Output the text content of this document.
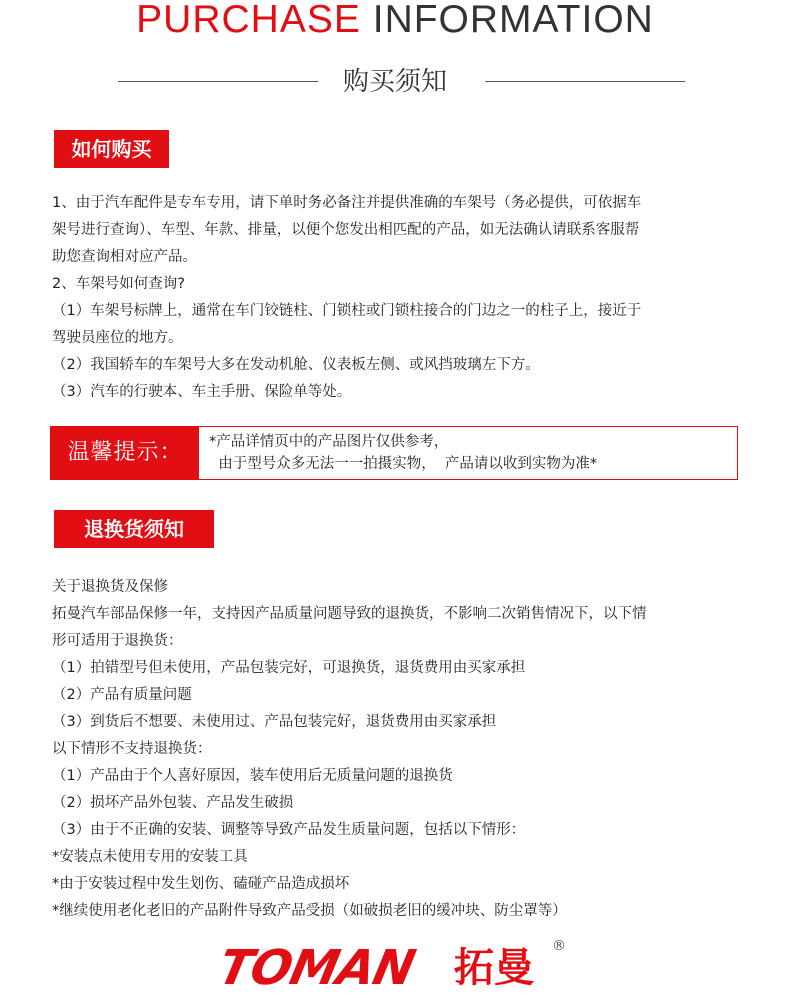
PURCHASE INFORMATION
购买须知
如何购买

1、由于汽车配件是专车专用，请下单时务必备注并提供准确的车架号（务必提供，可依据车

架号进行查询）、车型、年款、排量，以便个您发出相匹配的产品，如无法确认请联系客服帮

助您查询相对应产品。

2、车架号如何查询?

（1）车架号标牌上，通常在车门铰链柱、门锁柱或门锁柱接合的门边之一的柱子上，接近于

驾驶员座位的地方。

（2）我国轿车的车架号大多在发动机舱、仪表板左侧、或风挡玻璃左下方。

（3）汽车的行驶本、车主手册、保险单等处。

温馨提示：	*产品详情页中的产品图片仅供参考，

由于型号众多无法一一拍摄实物，  产品请以收到实物为准*

退换货须知

关于退换货及保修

拓曼汽车部品保修一年，支持因产品质量问题导致的退换货，不影响二次销售情况下，以下情

形可适用于退换货：

（1）拍错型号但未使用，产品包装完好，可退换货，退货费用由买家承担

（2）产品有质量问题

（3）到货后不想要、未使用过、产品包装完好，退货费用由买家承担

以下情形不支持退换货：

（1）产品由于个人喜好原因，装车使用后无质量问题的退换货

（2）损坏产品外包装、产品发生破损

（3）由于不正确的安装、调整等导致产品发生质量问题，包括以下情形：

*安装点未使用专用的安装工具

*由于安装过程中发生划伤、磕碰产品造成损坏

*继续使用老化老旧的产品附件导致产品受损（如破损老旧的缓冲块、防尘罩等）

TOMAN 拓曼 ®
